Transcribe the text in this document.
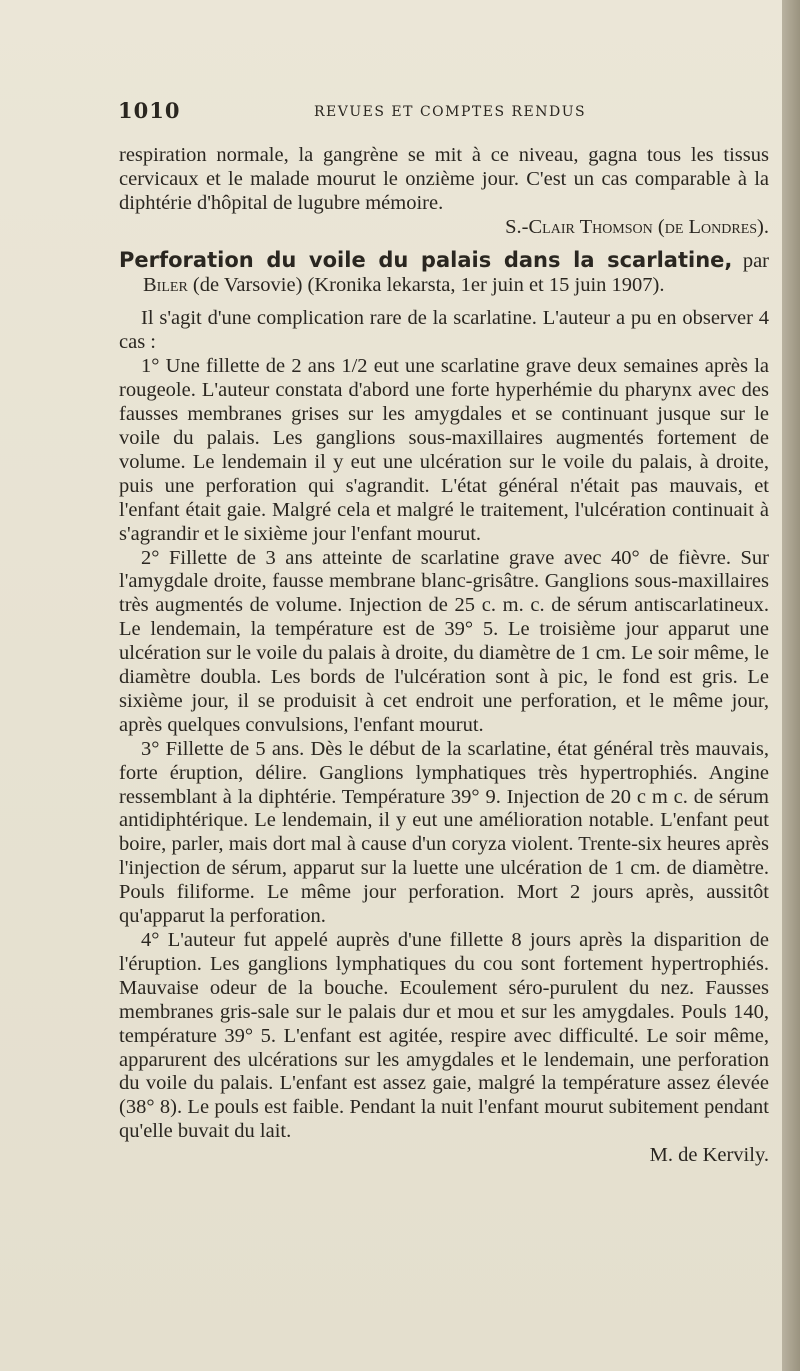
1010	REVUES ET COMPTES RENDUS

respiration normale, la gangrène se mit à ce niveau, gagna tous les tissus cervicaux et le malade mourut le onzième jour. C'est un cas comparable à la diphtérie d'hôpital de lugubre mémoire.

S.-Clair Thomson (de Londres).

Perforation du voile du palais dans la scarlatine, par Biler (de Varsovie) (Kronika lekarsta, 1er juin et 15 juin 1907).

Il s'agit d'une complication rare de la scarlatine. L'auteur a pu en observer 4 cas :

1° Une fillette de 2 ans 1/2 eut une scarlatine grave deux semaines après la rougeole. L'auteur constata d'abord une forte hyperhémie du pharynx avec des fausses membranes grises sur les amygdales et se continuant jusque sur le voile du palais. Les ganglions sous-maxillaires augmentés fortement de volume. Le lendemain il y eut une ulcération sur le voile du palais, à droite, puis une perforation qui s'agrandit. L'état général n'était pas mauvais, et l'enfant était gaie. Malgré cela et malgré le traitement, l'ulcération continuait à s'agrandir et le sixième jour l'enfant mourut.

2° Fillette de 3 ans atteinte de scarlatine grave avec 40° de fièvre. Sur l'amygdale droite, fausse membrane blanc-grisâtre. Ganglions sous-maxillaires très augmentés de volume. Injection de 25 c. m. c. de sérum antiscarlatineux. Le lendemain, la température est de 39° 5. Le troisième jour apparut une ulcération sur le voile du palais à droite, du diamètre de 1 cm. Le soir même, le diamètre doubla. Les bords de l'ulcération sont à pic, le fond est gris. Le sixième jour, il se produisit à cet endroit une perforation, et le même jour, après quelques convulsions, l'enfant mourut.

3° Fillette de 5 ans. Dès le début de la scarlatine, état général très mauvais, forte éruption, délire. Ganglions lymphatiques très hypertrophiés. Angine ressemblant à la diphtérie. Température 39° 9. Injection de 20 c m c. de sérum antidiphtérique. Le lendemain, il y eut une amélioration notable. L'enfant peut boire, parler, mais dort mal à cause d'un coryza violent. Trente-six heures après l'injection de sérum, apparut sur la luette une ulcération de 1 cm. de diamètre. Pouls filiforme. Le même jour perforation. Mort 2 jours après, aussitôt qu'apparut la perforation.

4° L'auteur fut appelé auprès d'une fillette 8 jours après la disparition de l'éruption. Les ganglions lymphatiques du cou sont fortement hypertrophiés. Mauvaise odeur de la bouche. Ecoulement séro-purulent du nez. Fausses membranes gris-sale sur le palais dur et mou et sur les amygdales. Pouls 140, température 39° 5. L'enfant est agitée, respire avec difficulté. Le soir même, apparurent des ulcérations sur les amygdales et le lendemain, une perforation du voile du palais. L'enfant est assez gaie, malgré la température assez élevée (38° 8). Le pouls est faible. Pendant la nuit l'enfant mourut subitement pendant qu'elle buvait du lait.

M. de Kervily.
